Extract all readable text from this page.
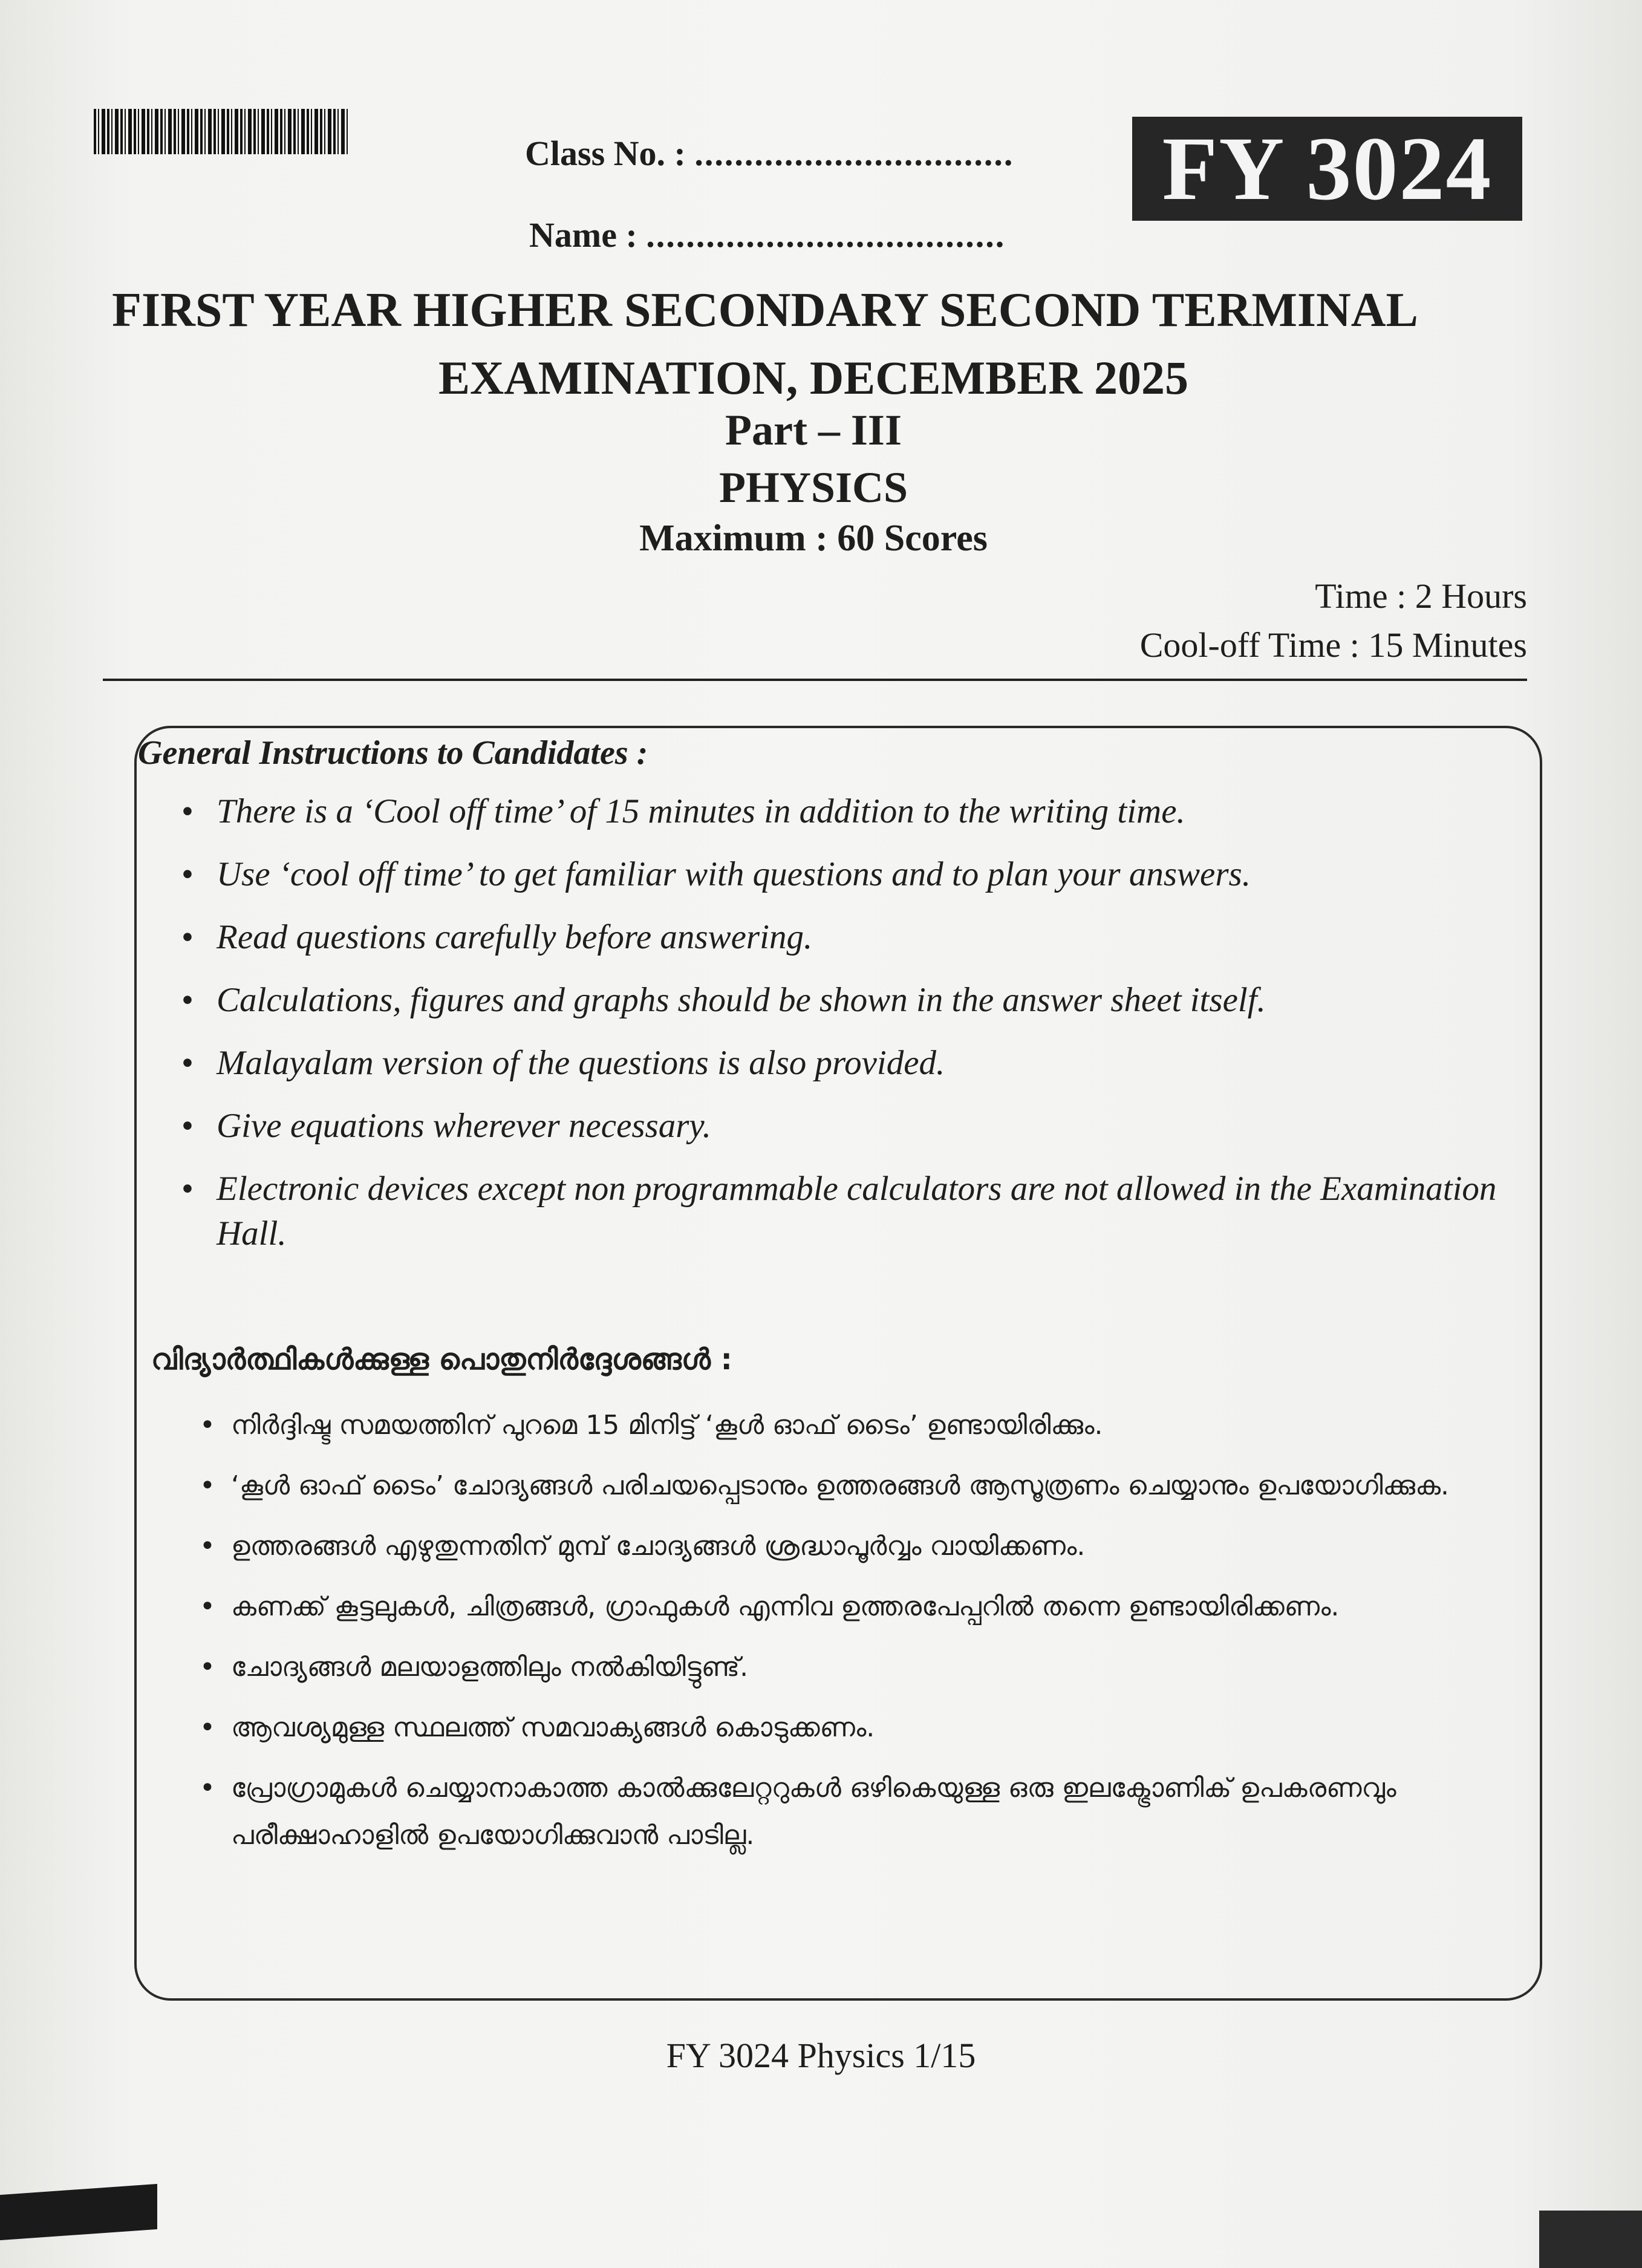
Class No. : ................................
Name : ....................................
FY 3024
FIRST YEAR HIGHER SECONDARY SECOND TERMINAL
EXAMINATION, DECEMBER 2025
Part – III
PHYSICS
Maximum : 60 Scores
Time : 2 Hours
Cool-off Time : 15 Minutes
General Instructions to Candidates :
• There is a ‘Cool off time’ of 15 minutes in addition to the writing time.
• Use ‘cool off time’ to get familiar with questions and to plan your answers.
• Read questions carefully before answering.
• Calculations, figures and graphs should be shown in the answer sheet itself.
• Malayalam version of the questions is also provided.
• Give equations wherever necessary.
• Electronic devices except non programmable calculators are not allowed in the Examination Hall.
വിദ്യാർത്ഥികൾക്കുള്ള പൊതുനിർദ്ദേശങ്ങൾ :
• നിർദ്ദിഷ്ട സമയത്തിന് പുറമെ 15 മിനിട്ട് ‘കൂൾ ഓഫ് ടൈം’ ഉണ്ടായിരിക്കും.
• ‘കൂൾ ഓഫ് ടൈം’ ചോദ്യങ്ങൾ പരിചയപ്പെടാനും ഉത്തരങ്ങൾ ആസൂത്രണം ചെയ്യാനും ഉപയോഗിക്കുക.
• ഉത്തരങ്ങൾ എഴുതുന്നതിന് മുമ്പ് ചോദ്യങ്ങൾ ശ്രദ്ധാപൂർവ്വം വായിക്കണം.
• കണക്ക് കൂട്ടലുകൾ, ചിത്രങ്ങൾ, ഗ്രാഫുകൾ എന്നിവ ഉത്തരപേപ്പറിൽ തന്നെ ഉണ്ടായിരിക്കണം.
• ചോദ്യങ്ങൾ മലയാളത്തിലും നൽകിയിട്ടുണ്ട്.
• ആവശ്യമുള്ള സ്ഥലത്ത് സമവാക്യങ്ങൾ കൊടുക്കണം.
• പ്രോഗ്രാമുകൾ ചെയ്യാനാകാത്ത കാൽക്കുലേറ്ററുകൾ ഒഴികെയുള്ള ഒരു ഇലക്ട്രോണിക് ഉപകരണവും പരീക്ഷാഹാളിൽ ഉപയോഗിക്കുവാൻ പാടില്ല.
FY 3024 Physics 1/15
